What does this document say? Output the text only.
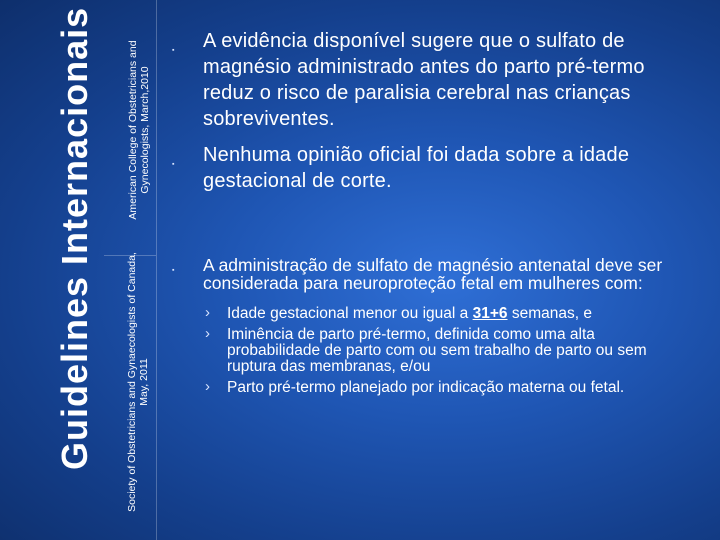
Guidelines Internacionais	American College of Obstetricians and Gynecologists, March,2010
Society of Obstetricians and Gynaecologists of Canada, May, 2011
▪ A evidência disponível sugere que o sulfato de magnésio administrado antes do parto pré-termo reduz o risco de paralisia cerebral nas crianças sobreviventes.
▪ Nenhuma opinião oficial foi dada sobre a idade gestacional de corte.
▪ A administração de sulfato de magnésio antenatal deve ser considerada para neuroproteção fetal em mulheres com:
› Idade gestacional menor ou igual a 31+6 semanas, e
› Iminência de parto pré-termo, definida como uma alta probabilidade de parto com ou sem trabalho de parto ou sem ruptura das membranas, e/ou
› Parto pré-termo planejado por indicação materna ou fetal.
